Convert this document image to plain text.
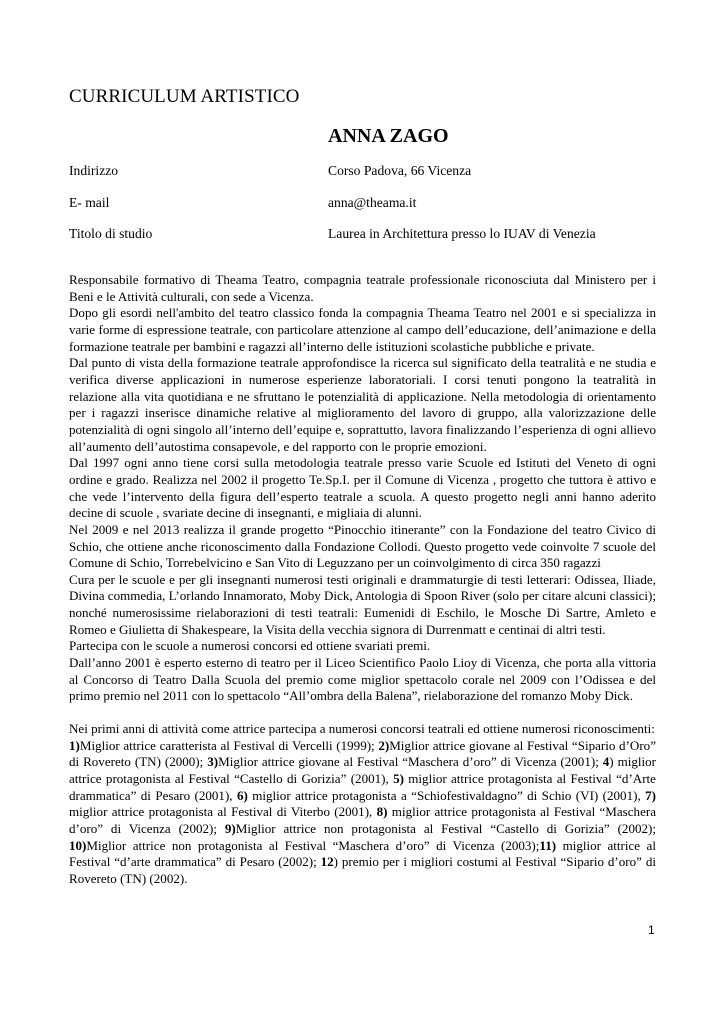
CURRICULUM ARTISTICO
ANNA ZAGO
Indirizzo	Corso Padova, 66 Vicenza
E- mail	anna@theama.it
Titolo di studio	Laurea in Architettura presso lo IUAV di Venezia

Responsabile formativo di Theama Teatro, compagnia teatrale professionale riconosciuta dal Ministero per i Beni e le Attività culturali, con sede a Vicenza.

Dopo gli esordi nell'ambito del teatro classico fonda la compagnia Theama Teatro nel 2001 e si specializza in varie forme di espressione teatrale, con particolare attenzione al campo dell’educazione, dell’animazione e della formazione teatrale per bambini e ragazzi all’interno delle istituzioni scolastiche pubbliche e private.

Dal punto di vista della formazione teatrale approfondisce la ricerca sul significato della teatralità e ne studia e verifica diverse applicazioni in numerose esperienze laboratoriali. I corsi tenuti pongono la teatralità in relazione alla vita quotidiana e ne sfruttano le potenzialità di applicazione. Nella metodologia di orientamento per i ragazzi inserisce dinamiche relative al miglioramento del lavoro di gruppo, alla valorizzazione delle potenzialità di ogni singolo all’interno dell’equipe e, soprattutto, lavora finalizzando l’esperienza di ogni allievo all’aumento dell’autostima consapevole, e del rapporto con le proprie emozioni.

Dal 1997 ogni anno tiene corsi sulla metodologia teatrale presso varie Scuole ed Istituti del Veneto di ogni ordine e grado. Realizza nel 2002 il progetto Te.Sp.I. per il Comune di Vicenza , progetto che tuttora è attivo e che vede l’intervento della figura dell’esperto teatrale a scuola. A questo progetto negli anni hanno aderito decine di scuole , svariate decine di insegnanti, e migliaia di alunni.

Nel 2009 e nel 2013 realizza il grande progetto “Pinocchio itinerante” con la Fondazione del teatro Civico di Schio, che ottiene anche riconoscimento dalla Fondazione Collodi. Questo progetto vede coinvolte 7 scuole del Comune di Schio, Torrebelvicino e San Vito di Leguzzano per un coinvolgimento di circa 350 ragazzi

Cura per le scuole e per gli insegnanti numerosi testi originali e drammaturgie di testi letterari: Odissea, Iliade, Divina commedia, L’orlando Innamorato, Moby Dick, Antologia di Spoon River (solo per citare alcuni classici); nonché numerosissime rielaborazioni di testi teatrali: Eumenidi di Eschilo, le Mosche Di Sartre, Amleto e Romeo e Giulietta di Shakespeare, la Visita della vecchia signora di Durrenmatt e centinai di altri testi.

Partecipa con le scuole a numerosi concorsi ed ottiene svariati premi.

Dall’anno 2001 è esperto esterno di teatro per il Liceo Scientifico Paolo Lioy di Vicenza, che porta alla vittoria al Concorso di Teatro Dalla Scuola del premio come miglior spettacolo corale nel 2009 con l’Odissea e del primo premio nel 2011 con lo spettacolo “All’ombra della Balena”, rielaborazione del romanzo Moby Dick.

Nei primi anni di attività come attrice partecipa a numerosi concorsi teatrali ed ottiene numerosi riconoscimenti:

1)Miglior attrice caratterista al Festival di Vercelli (1999); 2)Miglior attrice giovane al Festival “Sipario d’Oro” di Rovereto (TN) (2000); 3)Miglior attrice giovane al Festival “Maschera d’oro” di Vicenza (2001); 4) miglior attrice protagonista al Festival “Castello di Gorizia” (2001), 5) miglior attrice protagonista al Festival “d’Arte drammatica” di Pesaro (2001), 6) miglior attrice protagonista a “Schiofestivaldagno” di Schio (VI) (2001), 7) miglior attrice protagonista al Festival di Viterbo (2001), 8) miglior attrice protagonista al Festival “Maschera d’oro” di Vicenza (2002); 9)Miglior attrice non protagonista al Festival “Castello di Gorizia” (2002); 10)Miglior attrice non protagonista al Festival “Maschera d’oro” di Vicenza (2003);11) miglior attrice al Festival “d’arte drammatica” di Pesaro (2002); 12) premio per i migliori costumi al Festival “Sipario d’oro” di Rovereto (TN) (2002).

1
